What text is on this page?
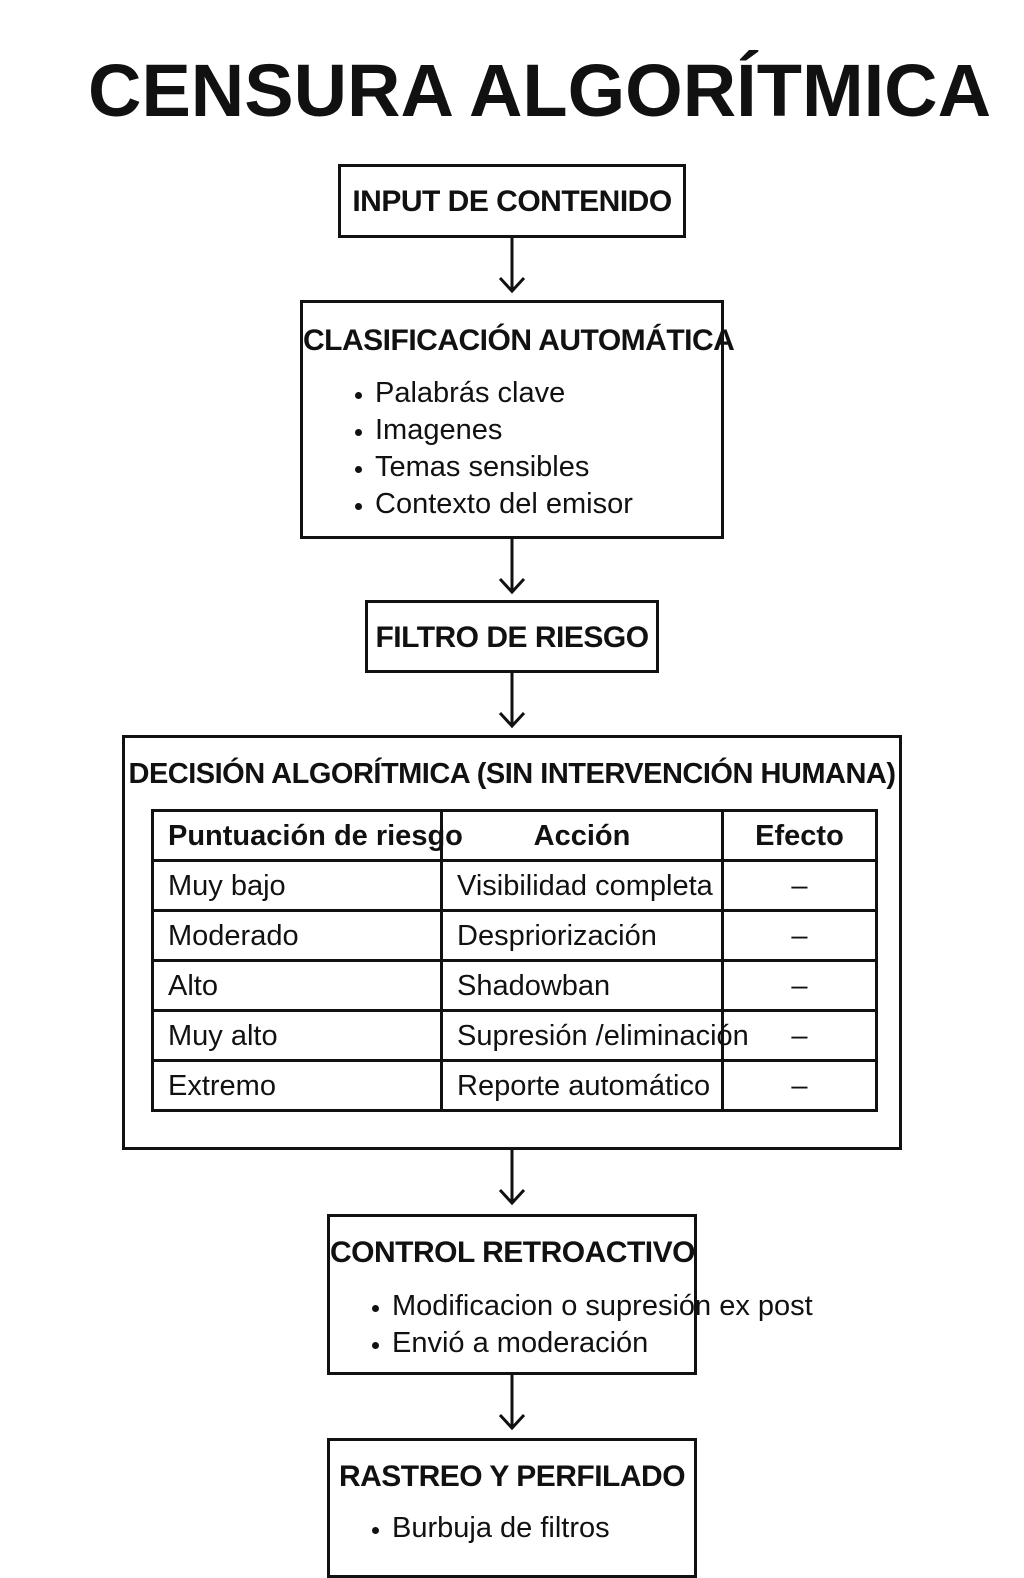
CENSURA ALGORÍTMICA
INPUT DE CONTENIDO
CLASIFICACIÓN AUTOMÁTICA
Palabrás clave
Imagenes
Temas sensibles
Contexto del emisor
FILTRO DE RIESGO
DECISIÓN ALGORÍTMICA (SIN INTERVENCIÓN HUMANA)
Puntuación de riesgo	Acción	Efecto
Muy bajo	Visibilidad completa	–
Moderado	Despriorización	–
Alto	Shadowban	–
Muy alto	Supresión /eliminación	–
Extremo	Reporte automático	–
CONTROL RETROACTIVO
Modificacion o supresión ex post
Envió a moderación
RASTREO Y PERFILADO
Burbuja de filtros
